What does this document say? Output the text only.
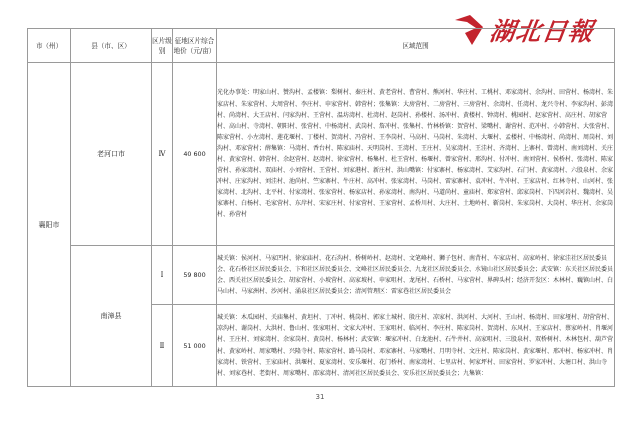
湖北日報
市（州）	县（市、区）	区片级别	征地区片综合地价（元/亩）	区域范围
襄阳市	老河口市	Ⅳ	40 600	光化办事处：明家山村、赞沟村、孟楼镇：梨树村、秦庄村、黄老营村、曹营村、熊河村、华庄村、工桃村、邓家湾村、余沟村、田营村、杨湾村、朱家店村、朱家营村、大周营村、李庄村、申家营村、韩营村；张集镇：大房营村、二房营村、三房营村、余湾村、任湾村、龙兴寺村、李家沟村、彭湾村、尚湾村、大王店村、闫家沟村、王营村、温坊湾村、杜湾村、赵岗村、孙楼村、汤冲村、黄楼村、钟湾村、桃园村、赵家营村、高庄村、胡家营村、高山村、寺湾村、朝阳村、张营村、中杨湾村、武岗村、詹冲村、张集村、竹林桥镇：贺营村、梁嘴村、谢营村、范冲村、小韩营村、大张营村、陈家营村、小左湾村、莲花堰村、丁楼村、贺湾村、冯营村、王李岗村、马高村、马岗村、朱湾村、大堰村、孟楼村、中杨湾村、尚湾村、周岗村、刘沟村、邓家营村；薛集镇：马湾村、香台村、陈家庙村、天明岗村、王湾村、王庄村、吴家湾村、王洼村、齐湾村、上寨村、曾湾村、南刘湾村、关庄村、黄家营村、韩营村、余赵营村、赵湾村、徐家营村、杨集村、杜王营村、杨堰村、曾家营村、邢沟村、付冲村、南刘营村、侯桥村、张湾村、陈家营村、孙家湾村、双庙村、小刘营村、王营村、刘家港村、新庄村、洪山嘴镇：付家寨村、杨家湾村、艾家沟村、石门村、黄家湾村、六股泉村、余家冲村、庄家沟村、刘洼村、池尚村、竺家寨村、牛庄村、高冲村、张家湾村、马岗村、雷家寨村、袁冲村、牛冲村、王家店村、红林寺村、山河村、张家湾村、北沟村、北平村、付家湾村、张家营村、杨家店村、孙家湾村、南沟村、马道尚村、童庙村、郑家营村、邱家岗村、下四河岩村、魏湾村、吴家寨村、白杨村、毛家营村、东岸村、宋家庄村、付家营村、王家营村、孟桥川村、大庄村、土地岭村、靳岗村、朱家岗村、大岗村、华庄村、余家岗村、孙营村
	南漳县	Ⅰ	59 800	城关镇：侯河村、马家凹村、徐家庙村、花石沟村、桥树岭村、赵湾村、文笔峰村、狮子包村、南背村、车家店村、高家岭村、徐家洼社区居民委员会、花石桥社区居民委员会、卞和社区居民委员会、文峰社区居民委员会、九龙社区居民委员会、水镜山社区居民委员会；武安镇：东关社区居民委员会、西关社区居民委员会、胡家营村、小坡营村、高家坡村、申家咀村、龙尾村、石桥村、马家营村、界碑头村；经济开发区：木林村、巍镇山村、白马山村、马家洲村、沙河村、涌泉社区居民委员会；清河管理区：雷家巷社区居民委员会
		Ⅱ	51 000	城关镇：木瓜园村、关庙集村、黄坦村、丁冲村、桃岗村、郭家土城村、殷庄村、凉家村、洪河村、大河村、王山村、杨湾村、田家垭村、胡营营村、凉沟村、谢岗村、大洪村、鲁山村、张家咀村、文家大冲村、王家咀村、临河村、李庄村、陈家岗村、贺湾村、东风村、王家店村、蔡家岭村、肖堰河村、王庄村、刘家湾村、余家岗村、黄岗村、杨林村；武安镇：堰家冲村、白龙池村、石牛井村、高家咀村、三股泉村、双桥树村、木林包村、葫芦营村、黄家岭村、周家嘴村、兴隆寺村、陈家营村、路马岗村、邓家寨村、马家嘴村、月明寺村、文庄村、陈家岗村、黄家堰村、邢冲村、杨家冲村、肖家湾村、铁营村、王家庙村、洪堰村、夏家湾村、安乐堰村、花门桥村、南家湾村、七里店村、何家坪村、田家营村、罗家冲村、大塘口村、洪山寺村、刘家巷村、老街村、周家嘴村、邵家湾村、清河社区居民委员会、安乐社区居民委员会；九集镇：
31
